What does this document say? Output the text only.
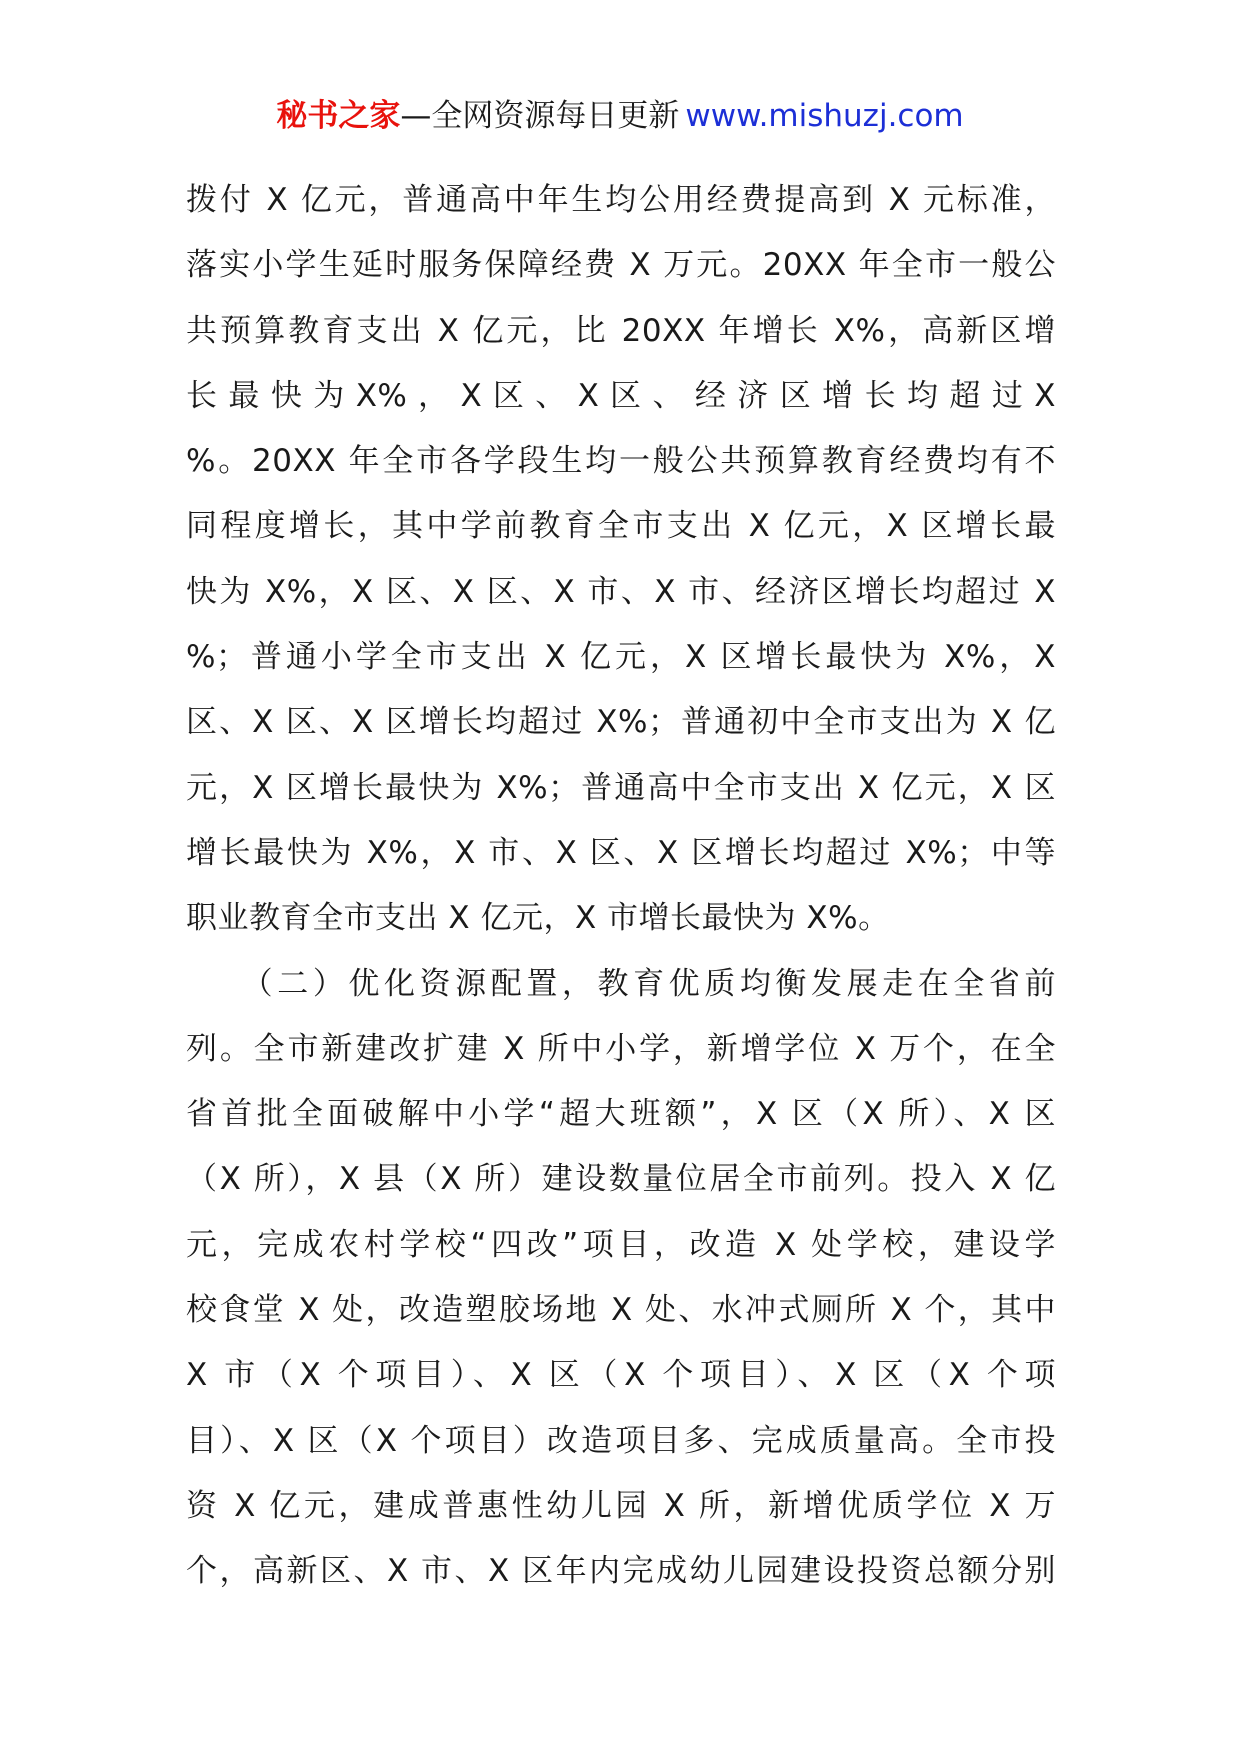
秘书之家—全网资源每日更新 www.mishuzj.com
拨付 X 亿元，普通高中年生均公用经费提高到 X 元标准，
落实小学生延时服务保障经费 X 万元。20XX 年全市一般公
共预算教育支出 X 亿元，比 20XX 年增长 X%，高新区增
长 最 快 为 X% ， X 区 、 X 区 、 经 济 区 增 长 均 超 过 X
%。20XX 年全市各学段生均一般公共预算教育经费均有不
同程度增长，其中学前教育全市支出 X 亿元，X 区增长最
快为 X%，X 区、X 区、X 市、X 市、经济区增长均超过 X
%；普通小学全市支出 X 亿元，X 区增长最快为 X%，X
区、X 区、X 区增长均超过 X%；普通初中全市支出为 X 亿
元，X 区增长最快为 X%；普通高中全市支出 X 亿元，X 区
增长最快为 X%，X 市、X 区、X 区增长均超过 X%；中等
职业教育全市支出 X 亿元，X 市增长最快为 X%。
　　（二）优化资源配置，教育优质均衡发展走在全省前
列。全市新建改扩建 X 所中小学，新增学位 X 万个，在全
省首批全面破解中小学“超大班额”，X 区（X 所）、X 区
（X 所），X 县（X 所）建设数量位居全市前列。投入 X 亿
元，完成农村学校“四改”项目，改造 X 处学校，建设学
校食堂 X 处，改造塑胶场地 X 处、水冲式厕所 X 个，其中
X 市（X 个项目）、X 区（X 个项目）、X 区（X 个项
目）、X 区（X 个项目）改造项目多、完成质量高。全市投
资 X 亿元，建成普惠性幼儿园 X 所，新增优质学位 X 万
个，高新区、X 市、X 区年内完成幼儿园建设投资总额分别
